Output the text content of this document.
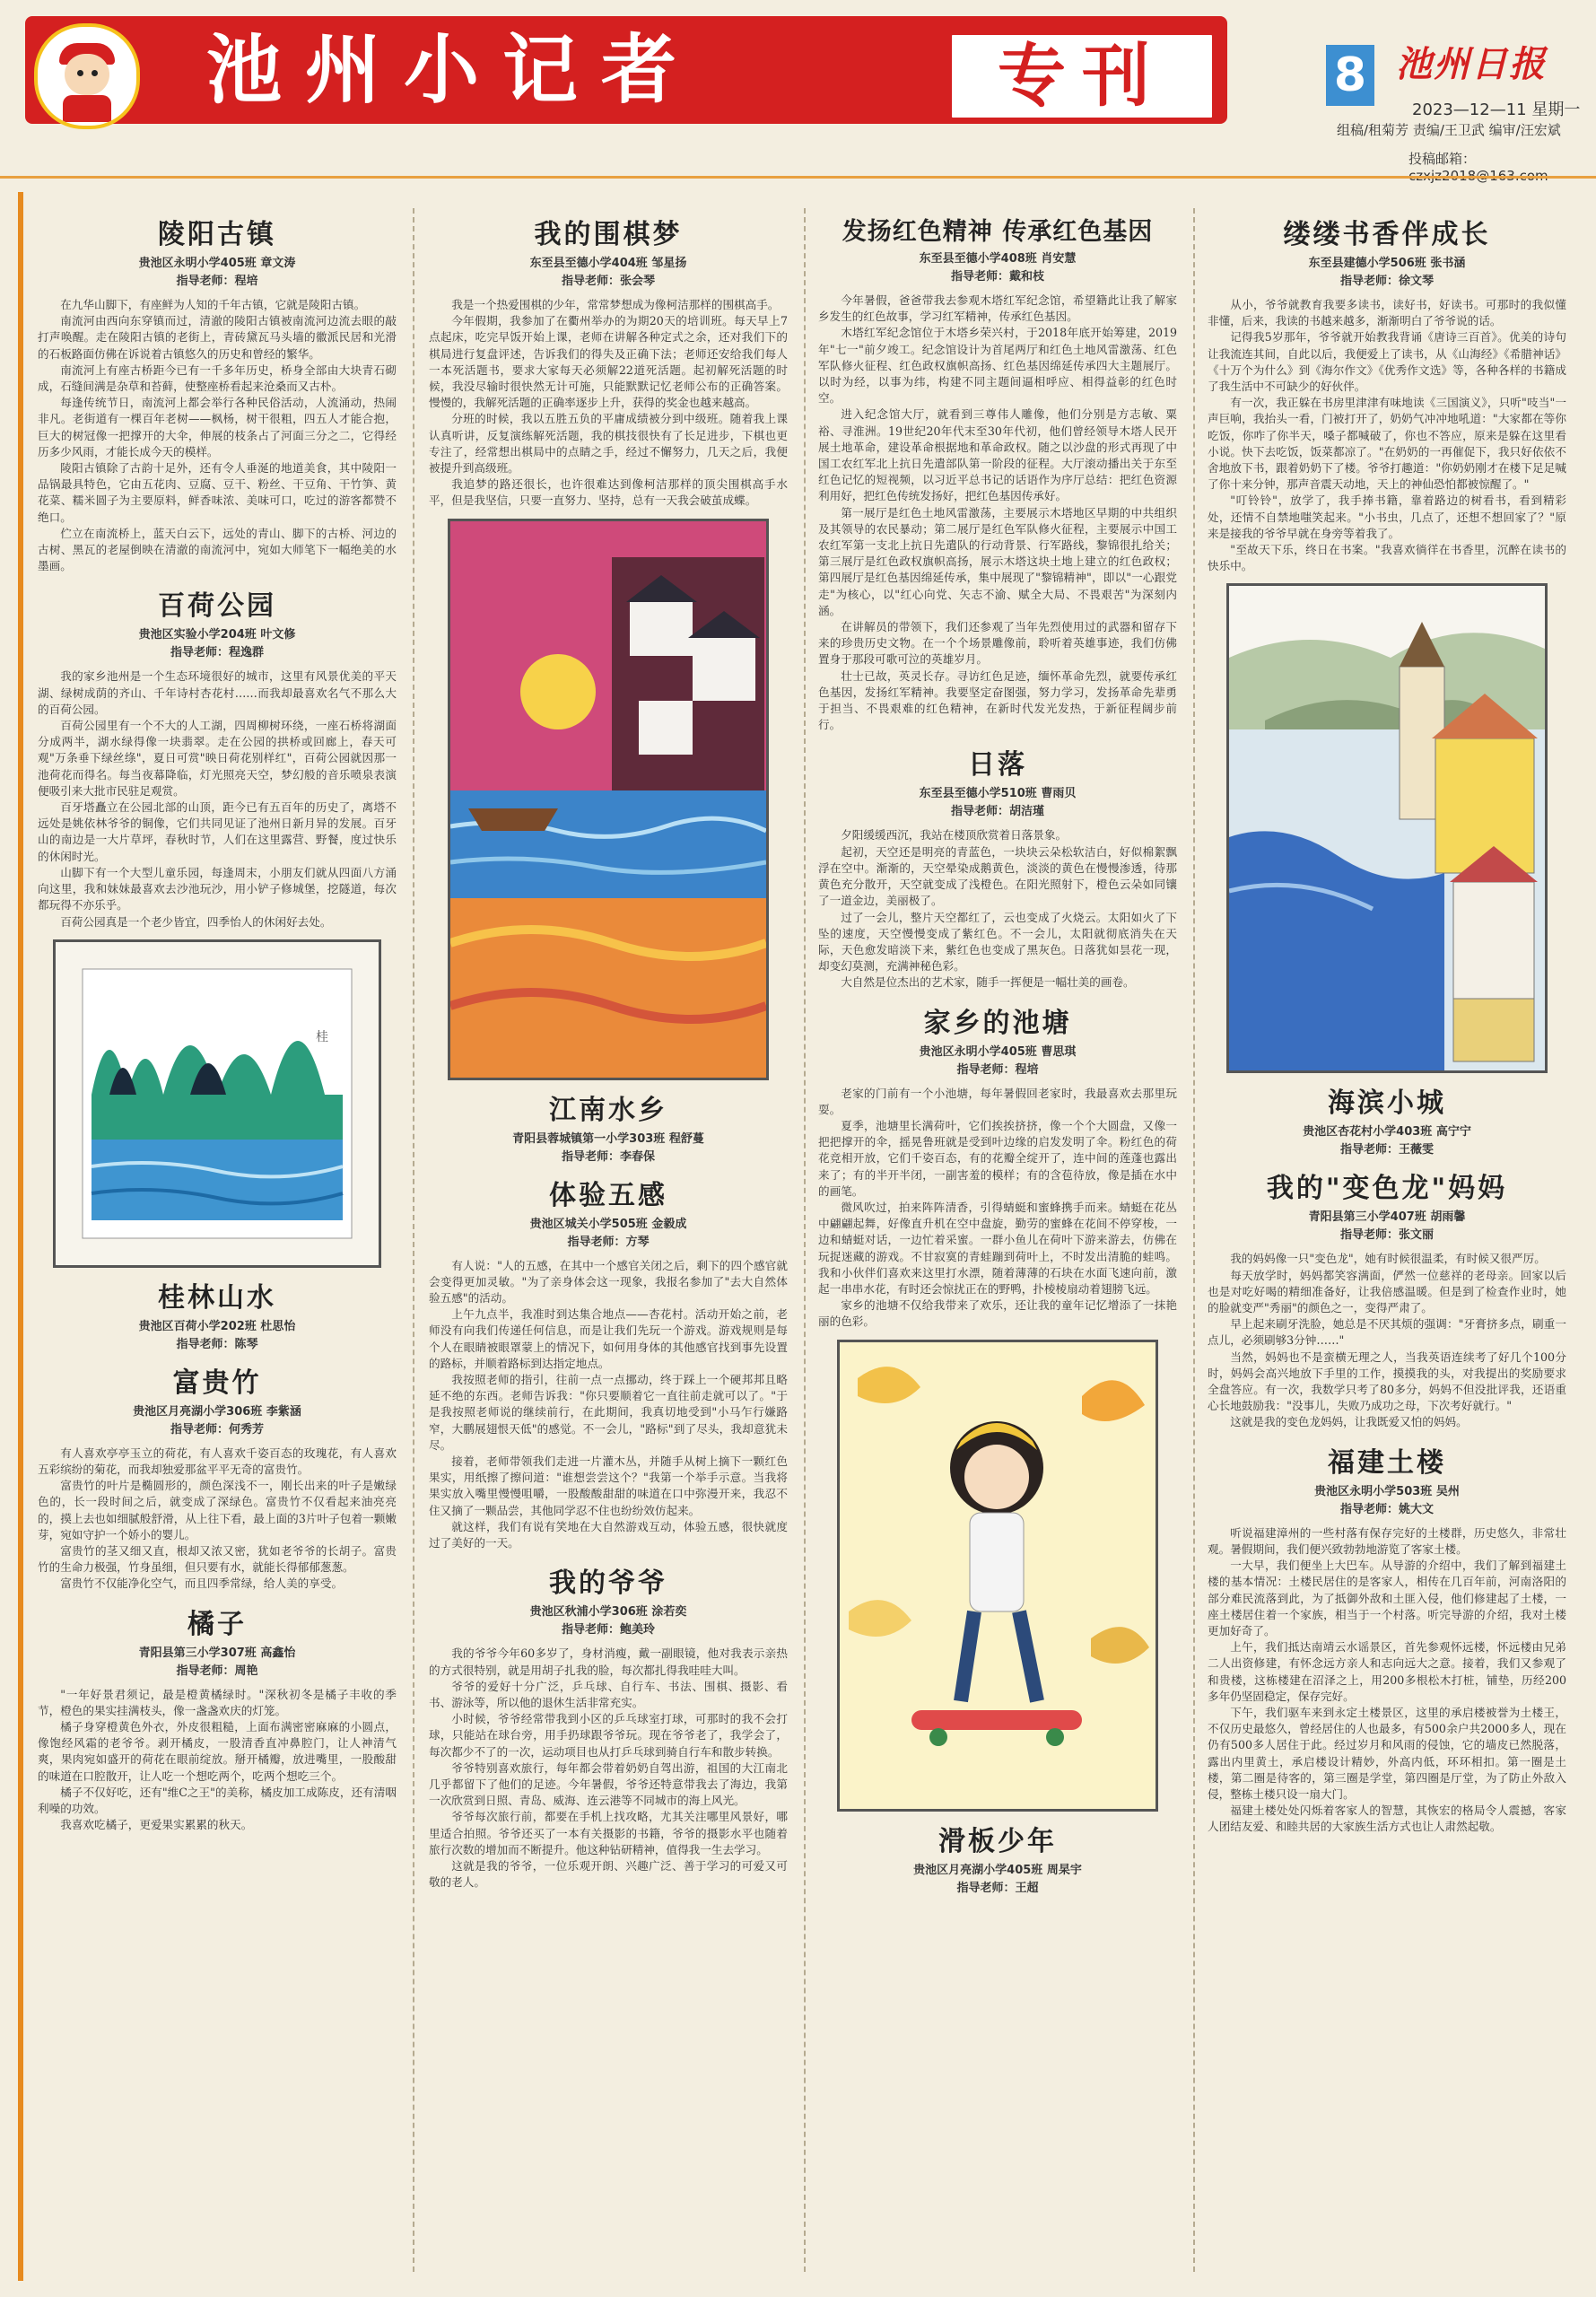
池州小记者	专刊	8 池州日报
2023—12—11 星期一
组稿/租菊芳 责编/王卫武 编审/汪宏斌
投稿邮箱：
陵阳古镇
贵池区永明小学405班 章文涛
指导老师：程培

在九华山脚下，有座鲜为人知的千年古镇，它就是陵阳古镇。

南流河由西向东穿镇而过，清澈的陵阳古镇被南流河边流去眼的敲打声唤醒。走在陵阳古镇的老街上，青砖黛瓦马头墙的徽派民居和光滑的石板路面仿佛在诉说着古镇悠久的历史和曾经的繁华。

南流河上有座古桥距今已有一千多年历史，桥身全部由大块青石砌成，石缝间满是杂草和苔藓，使整座桥看起来沧桑而又古朴。

每逢传统节日，南流河上都会举行各种民俗活动，人流涌动，热闹非凡。老街道有一棵百年老树——枫杨，树干很粗，四五人才能合抱，巨大的树冠像一把撑开的大伞，伸展的枝条占了河面三分之二，它得经历多少风雨，才能长成今天的模样。

陵阳古镇除了古韵十足外，还有令人垂涎的地道美食，其中陵阳一品锅最具特色，它由五花肉、豆腐、豆干、粉丝、干豆角、干竹笋、黄花菜、糯米圆子为主要原料，鲜香味浓、美味可口，吃过的游客都赞不绝口。

伫立在南流桥上，蓝天白云下，远处的青山、脚下的古桥、河边的古树、黑瓦的老屋倒映在清澈的南流河中，宛如大师笔下一幅绝美的水墨画。

百荷公园
贵池区实验小学204班 叶文修
指导老师：程逸群

我的家乡池州是一个生态环境很好的城市，这里有风景优美的平天湖、绿树成荫的齐山、千年诗村杏花村……而我却最喜欢名气不那么大的百荷公园。

百荷公园里有一个不大的人工湖，四周柳树环绕，一座石桥将湖面分成两半，湖水绿得像一块翡翠。走在公园的拱桥或回廊上，春天可观"万条垂下绿丝绦"，夏日可赏"映日荷花别样红"，百荷公园就因那一池荷花而得名。每当夜幕降临，灯光照亮天空，梦幻般的音乐喷泉表演便吸引来大批市民驻足观赏。

百牙塔矗立在公园北部的山顶，距今已有五百年的历史了，离塔不远处是姚依林爷爷的铜像，它们共同见证了池州日新月异的发展。百牙山的南边是一大片草坪，春秋时节，人们在这里露营、野餐，度过快乐的休闲时光。

山脚下有一个大型儿童乐园，每逢周末，小朋友们就从四面八方涌向这里，我和妹妹最喜欢去沙池玩沙，用小铲子修城堡，挖隧道，每次都玩得不亦乐乎。

百荷公园真是一个老少皆宜，四季怡人的休闲好去处。

桂
桂林山水
贵池区百荷小学202班 杜思怡
指导老师：陈琴
富贵竹
贵池区月亮湖小学306班 李紫涵
指导老师：何秀芳

有人喜欢亭亭玉立的荷花，有人喜欢千姿百态的玫瑰花，有人喜欢五彩缤纷的菊花，而我却独爱那盆平平无奇的富贵竹。

富贵竹的叶片是椭圆形的，颜色深浅不一，刚长出来的叶子是嫩绿色的，长一段时间之后，就变成了深绿色。富贵竹不仅看起来油亮亮的，摸上去也如细腻般舒滑，从上往下看，最上面的3片叶子包着一颗嫩芽，宛如守护一个娇小的婴儿。

富贵竹的茎又细又直，根却又浓又密，犹如老爷爷的长胡子。富贵竹的生命力极强，竹身虽细，但只要有水，就能长得郁郁葱葱。

富贵竹不仅能净化空气，而且四季常绿，给人美的享受。

橘子
青阳县第三小学307班 高鑫怡
指导老师：周艳

"一年好景君须记，最是橙黄橘绿时。"深秋初冬是橘子丰收的季节，橙色的果实挂满枝头，像一盏盏欢庆的灯笼。

橘子身穿橙黄色外衣，外皮很粗糙，上面布满密密麻麻的小圆点，像饱经风霜的老爷爷。剥开橘皮，一股清香直冲鼻腔门，让人神清气爽，果肉宛如盛开的荷花在眼前绽放。掰开橘瓣，放进嘴里，一股酸甜的味道在口腔散开，让人吃一个想吃两个，吃两个想吃三个。

橘子不仅好吃，还有"维C之王"的美称，橘皮加工成陈皮，还有清咽利噪的功效。

我喜欢吃橘子，更爱果实累累的秋天。

我的围棋梦
东至县至德小学404班 邹星扬
指导老师：张会琴

我是一个热爱围棋的少年，常常梦想成为像柯洁那样的围棋高手。

今年假期，我参加了在衢州举办的为期20天的培训班。每天早上7点起床，吃完早饭开始上课，老师在讲解各种定式之余，还对我们下的棋局进行复盘评述，告诉我们的得失及正确下法；老师还安给我们每人一本死活题书，要求大家每天必须解22道死活题。起初解死活题的时候，我没尽输时很快然无计可施，只能默默记忆老师公布的正确答案。慢慢的，我解死活题的正确率逐步上升，获得的奖金也越来越高。

分班的时候，我以五胜五负的平庸成绩被分到中级班。随着我上课认真听讲，反复演练解死活题，我的棋技很快有了长足进步，下棋也更专注了，经常想出棋局中的点睛之手，经过不懈努力，几天之后，我便被提升到高级班。

我追梦的路还很长，也许很难达到像柯洁那样的顶尖围棋高手水平，但是我坚信，只要一直努力、坚持，总有一天我会破茧成蝶。

江南水乡
青阳县蓉城镇第一小学303班 程舒蔓
指导老师：李春保
体验五感
贵池区城关小学505班 金毅成
指导老师：方琴

有人说："人的五感，在其中一个感官关闭之后，剩下的四个感官就会变得更加灵敏。"为了亲身体会这一现象，我报名参加了"去大自然体验五感"的活动。

上午九点半，我准时到达集合地点——杏花村。活动开始之前，老师没有向我们传递任何信息，而是让我们先玩一个游戏。游戏规则是每个人在眼睛被眼罩蒙上的情况下，如何用身体的其他感官找到事先设置的路标，并顺着路标到达指定地点。

我按照老师的指引，往前一点一点挪动，终于踩上一个硬邦邦且略延不绝的东西。老师告诉我："你只要顺着它一直往前走就可以了。"于是我按照老师说的继续前行，在此期间，我真切地受到"小马乍行嫌路窄，大鹏展翅恨天低"的感觉。不一会儿，"路标"到了尽头，我却意犹未尽。

接着，老师带领我们走进一片灌木丛，并随手从树上摘下一颗红色果实，用纸擦了擦问道："谁想尝尝这个？"我第一个举手示意。当我将果实放入嘴里慢慢咀嚼，一股酸酸甜甜的味道在口中弥漫开来，我忍不住又摘了一颗品尝，其他同学忍不住也纷纷效仿起来。

就这样，我们有说有笑地在大自然游戏互动，体验五感，很快就度过了美好的一天。

我的爷爷
贵池区秋浦小学306班 涂若奕
指导老师：鲍美玲

我的爷爷今年60多岁了，身材消瘦，戴一副眼镜，他对我表示亲热的方式很特别，就是用胡子扎我的脸，每次都扎得我哇哇大叫。

爷爷的爱好十分广泛，乒乓球、自行车、书法、围棋、摄影、看书、游泳等，所以他的退休生活非常充实。

小时候，爷爷经常带我到小区的乒乓球室打球，可那时的我不会打球，只能站在球台旁，用手扔球跟爷爷玩。现在爷爷老了，我学会了，每次都少不了的一次，运动项目也从打乒乓球到骑自行车和散步转换。

爷爷特别喜欢旅行，每年都会带着奶奶自驾出游，祖国的大江南北几乎都留下了他们的足迹。今年暑假，爷爷还特意带我去了海边，我第一次欣赏到日照、青岛、威海、连云港等不同城市的海上风光。

爷爷每次旅行前，都要在手机上找攻略，尤其关注哪里风景好，哪里适合拍照。爷爷还买了一本有关摄影的书籍，爷爷的摄影水平也随着旅行次数的增加而不断提升。他这种钻研精神，值得我一生去学习。

这就是我的爷爷，一位乐观开朗、兴趣广泛、善于学习的可爱又可敬的老人。

发扬红色精神 传承红色基因
东至县至德小学408班 肖安慧
指导老师：戴和枝

今年暑假，爸爸带我去参观木塔红军纪念馆，希望籍此让我了解家乡发生的红色故事，学习红军精神，传承红色基因。

木塔红军纪念馆位于木塔乡荣兴村，于2018年底开始筹建，2019年"七一"前夕竣工。纪念馆设计为首尾两厅和红色土地风雷激荡、红色军队修火征程、红色政权旗帜高扬、红色基因绵延传承四大主题展厅。以时为经，以事为纬，构建不同主题间逼相呼应、相得益彰的红色时空。

进入纪念馆大厅，就看到三尊伟人雕像，他们分别是方志敏、粟裕、寻淮洲。19世纪20年代末至30年代初，他们曾经领导木塔人民开展土地革命，建设革命根据地和革命政权。随之以沙盘的形式再现了中国工农红军北上抗日先遣部队第一阶段的征程。大厅滚动播出关于东至红色记忆的短视频，以习近平总书记的话语作为序厅总结：把红色资源利用好，把红色传统发扬好，把红色基因传承好。

第一展厅是红色土地风雷激荡，主要展示木塔地区早期的中共组织及其领导的农民暴动；第二展厅是红色军队修火征程，主要展示中国工农红军第一支北上抗日先遣队的行动背景、行军路线，黎锦很扎给关；第三展厅是红色政权旗帜高扬，展示木塔这块土地上建立的红色政权；第四展厅是红色基因绵延传承，集中展现了"黎锦精神"，即以"一心跟党走"为核心，以"红心向党、矢志不渝、赋全大局、不畏艰苦"为深刻内涵。

在讲解员的带领下，我们还参观了当年先烈使用过的武器和留存下来的珍贵历史文物。在一个个场景雕像前，聆听着英雄事迹，我们仿佛置身于那段可歌可泣的英雄岁月。

壮士已故，英灵长存。寻访红色足迹，缅怀革命先烈，就要传承红色基因，发扬红军精神。我要坚定奋图强，努力学习，发扬革命先辈勇于担当、不畏艰难的红色精神，在新时代发光发热，于新征程阔步前行。

日落
东至县至德小学510班 曹雨贝
指导老师：胡洁瑾

夕阳缓缓西沉，我站在楼顶欣赏着日落景象。

起初，天空还是明亮的青蓝色，一块块云朵松软洁白，好似棉絮飘浮在空中。渐渐的，天空晕染成鹅黄色，淡淡的黄色在慢慢渗透，待那黄色充分散开，天空就变成了浅橙色。在阳光照射下，橙色云朵如同镶了一道金边，美丽极了。

过了一会儿，整片天空都红了，云也变成了火烧云。太阳如火了下坠的速度，天空慢慢变成了紫红色。不一会儿，太阳就彻底消失在天际，天色愈发暗淡下来，紫红色也变成了黑灰色。日落犹如昙花一现，却变幻莫测，充满神秘色彩。

大自然是位杰出的艺术家，随手一挥便是一幅壮美的画卷。

家乡的池塘
贵池区永明小学405班 曹思琪
指导老师：程培

老家的门前有一个小池塘，每年暑假回老家时，我最喜欢去那里玩耍。

夏季，池塘里长满荷叶，它们挨挨挤挤，像一个个大圆盘，又像一把把撑开的伞，摇晃鲁班就是受到叶边缘的启发发明了伞。粉红色的荷花竞相开放，它们千姿百态，有的花瓣全绽开了，连中间的莲蓬也露出来了；有的半开半闭，一副害羞的模样；有的含苞待放，像是插在水中的画笔。

微风吹过，拍来阵阵清香，引得蜻蜓和蜜蜂携手而来。蜻蜓在花丛中翩翩起舞，好像直升机在空中盘旋，勤劳的蜜蜂在花间不停穿梭，一边和蜻蜓对话，一边忙着采蜜。一群小鱼儿在荷叶下游来游去，仿佛在玩捉迷藏的游戏。不甘寂寞的青蛙蹦到荷叶上，不时发出清脆的蛙鸣。我和小伙伴们喜欢来这里打水漂，随着薄薄的石块在水面飞速向前，激起一串串水花，有时还会惊扰正在的野鸭，扑棱棱扇动着翅膀飞远。

家乡的池塘不仅给我带来了欢乐，还让我的童年记忆增添了一抹艳丽的色彩。

滑板少年
贵池区月亮湖小学405班 周杲宇
指导老师：王超
缕缕书香伴成长
东至县建德小学506班 张书涵
指导老师：徐文琴

从小，爷爷就教育我要多读书，读好书，好读书。可那时的我似懂非懂，后来，我读的书越来越多，渐渐明白了爷爷说的话。

记得我5岁那年，爷爷就开始教我背诵《唐诗三百首》。优美的诗句让我流连其间，自此以后，我便爱上了读书，从《山海经》《希腊神话》《十万个为什么》到《海尔作文》《优秀作文选》等，各种各样的书籍成了我生活中不可缺少的好伙伴。

有一次，我正躲在书房里津津有味地读《三国演义》，只听"吱当"一声巨响，我抬头一看，门被打开了，奶奶气冲冲地吼道："大家都在等你吃饭，你咋了你半天，嗓子都喊破了，你也不答应，原来是躲在这里看小说。快下去吃饭，饭菜都凉了。"在奶奶的一再催促下，我只好依依不舍地放下书，跟着奶奶下了楼。爷爷打趣道："你奶奶刚才在楼下足足喊了你十来分钟，那声音震天动地，天上的神仙恐怕都被惊醒了。"

"叮铃铃"，放学了，我手捧书籍，靠着路边的树看书，看到精彩处，还情不自禁地嗤笑起来。"小书虫，几点了，还想不想回家了？"原来是接我的爷爷早就在身旁等着我了。

"至故天下乐，终日在书案。"我喜欢徜徉在书香里，沉醉在读书的快乐中。

海滨小城
贵池区杏花村小学403班 高宁宁
指导老师：王薇雯
我的"变色龙"妈妈
青阳县第三小学407班 胡雨馨
指导老师：张文丽

我的妈妈像一只"变色龙"，她有时候很温柔，有时候又很严厉。

每天放学时，妈妈都笑容满面，俨然一位慈祥的老母亲。回家以后也是对吃好喝的精细准备好，让我倍感温暖。但是到了检查作业时，她的脸就变严"秀丽"的颜色之一，变得严肃了。

早上起来刷牙洗脸，她总是不厌其烦的强调："牙膏挤多点，刷重一点儿，必须刷够3分钟……"

当然，妈妈也不是蛮横无理之人，当我英语连续考了好几个100分时，妈妈会高兴地放下手里的工作，摸摸我的头，对我提出的奖励要求全盘答应。有一次，我数学只考了80多分，妈妈不但没批评我，还语重心长地鼓励我："没事儿，失败乃成功之母，下次考好就行。"

这就是我的变色龙妈妈，让我既爱又怕的妈妈。

福建土楼
贵池区永明小学503班 吴州
指导老师：姚大文

听说福建漳州的一些村落有保存完好的土楼群，历史悠久，非常壮观。暑假期间，我们便兴致勃勃地游览了客家土楼。

一大早，我们便坐上大巴车。从导游的介绍中，我们了解到福建土楼的基本情况：土楼民居住的是客家人，相传在几百年前，河南洛阳的部分难民流落到此，为了抵御外敌和土匪入侵，他们修建起了土楼，一座土楼居住着一个家族，相当于一个村落。听完导游的介绍，我对土楼更加好奇了。

上午，我们抵达南靖云水谣景区，首先参观怀远楼，怀远楼由兄弟二人出资修建，有怀念远方亲人和志向远大之意。接着，我们又参观了和贵楼，这栋楼建在沼泽之上，用200多根松木打桩，铺垫，历经200多年仍坚固稳定，保存完好。

下午，我们驱车来到永定土楼景区，这里的承启楼被誉为土楼王，不仅历史最悠久，曾经居住的人也最多，有500余户共2000多人，现在仍有500多人居住于此。经过岁月和风雨的侵蚀，它的墙皮已然脱落，露出内里黄土，承启楼设计精妙，外高内低，环环相扣。第一圈是土楼，第二圈是待客的，第三圈是学堂，第四圈是厅堂，为了防止外敌入侵，整栋土楼只设一扇大门。

福建土楼处处闪烁着客家人的智慧，其恢宏的格局令人震撼，客家人团结友爱、和睦共居的大家族生活方式也让人肃然起敬。
